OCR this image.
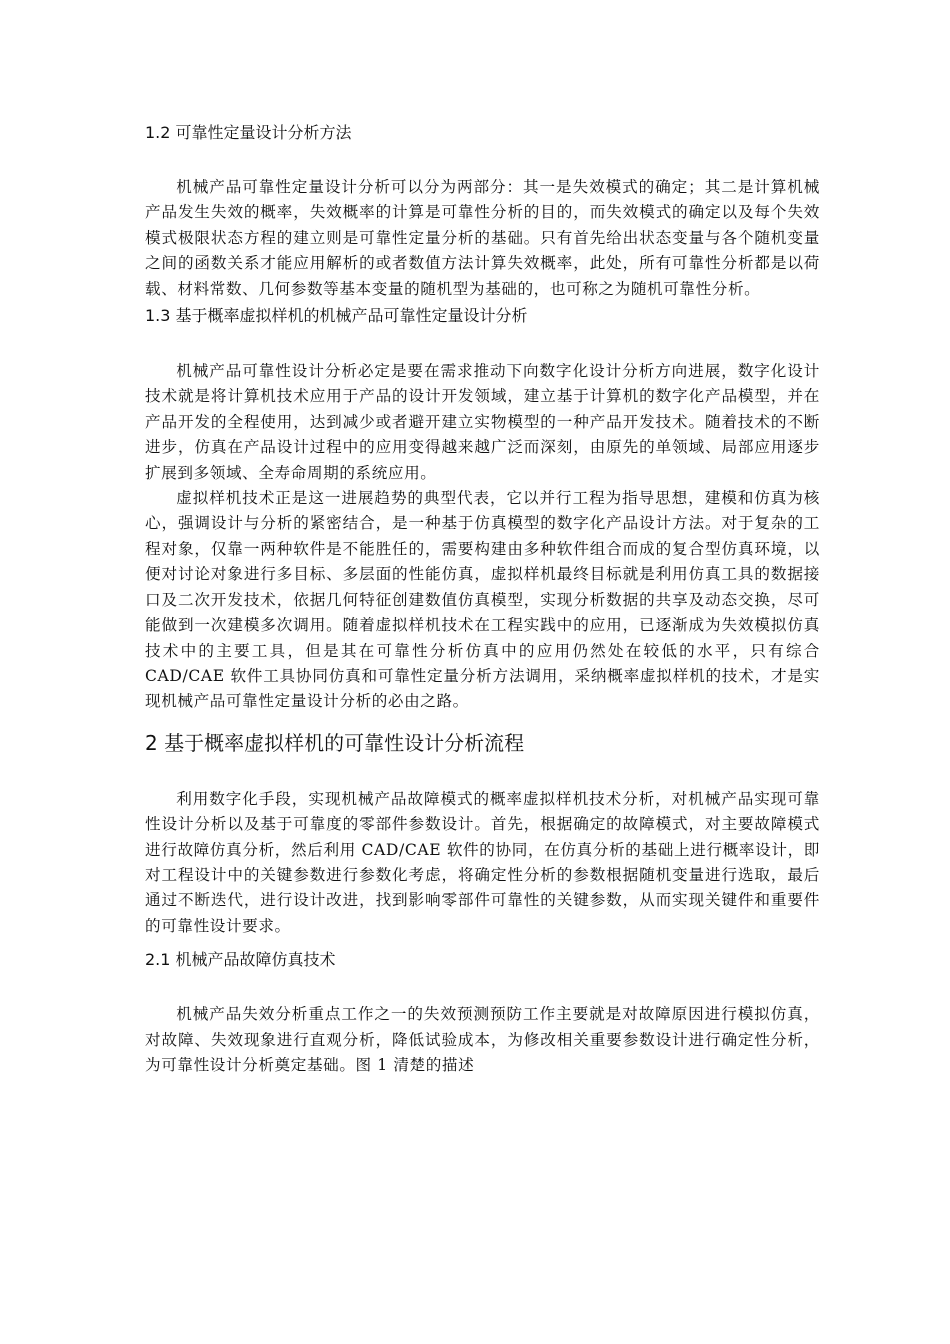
1.2 可靠性定量设计分析方法

机械产品可靠性定量设计分析可以分为两部分：其一是失效模式的确定；其二是计算机械产品发生失效的概率，失效概率的计算是可靠性分析的目的，而失效模式的确定以及每个失效模式极限状态方程的建立则是可靠性定量分析的基础。只有首先给出状态变量与各个随机变量之间的函数关系才能应用解析的或者数值方法计算失效概率，此处，所有可靠性分析都是以荷载、材料常数、几何参数等基本变量的随机型为基础的，也可称之为随机可靠性分析。

1.3 基于概率虚拟样机的机械产品可靠性定量设计分析

机械产品可靠性设计分析必定是要在需求推动下向数字化设计分析方向进展，数字化设计技术就是将计算机技术应用于产品的设计开发领域，建立基于计算机的数字化产品模型，并在产品开发的全程使用，达到减少或者避开建立实物模型的一种产品开发技术。随着技术的不断进步，仿真在产品设计过程中的应用变得越来越广泛而深刻，由原先的单领域、局部应用逐步扩展到多领域、全寿命周期的系统应用。

虚拟样机技术正是这一进展趋势的典型代表，它以并行工程为指导思想，建模和仿真为核心，强调设计与分析的紧密结合，是一种基于仿真模型的数字化产品设计方法。对于复杂的工程对象，仅靠一两种软件是不能胜任的，需要构建由多种软件组合而成的复合型仿真环境，以便对讨论对象进行多目标、多层面的性能仿真，虚拟样机最终目标就是利用仿真工具的数据接口及二次开发技术，依据几何特征创建数值仿真模型，实现分析数据的共享及动态交换，尽可能做到一次建模多次调用。随着虚拟样机技术在工程实践中的应用，已逐渐成为失效模拟仿真技术中的主要工具，但是其在可靠性分析仿真中的应用仍然处在较低的水平，只有综合 CAD/CAE 软件工具协同仿真和可靠性定量分析方法调用，采纳概率虚拟样机的技术，才是实现机械产品可靠性定量设计分析的必由之路。

2 基于概率虚拟样机的可靠性设计分析流程

利用数字化手段，实现机械产品故障模式的概率虚拟样机技术分析，对机械产品实现可靠性设计分析以及基于可靠度的零部件参数设计。首先，根据确定的故障模式，对主要故障模式进行故障仿真分析，然后利用 CAD/CAE 软件的协同，在仿真分析的基础上进行概率设计，即对工程设计中的关键参数进行参数化考虑，将确定性分析的参数根据随机变量进行选取，最后通过不断迭代，进行设计改进，找到影响零部件可靠性的关键参数，从而实现关键件和重要件的可靠性设计要求。

2.1 机械产品故障仿真技术

机械产品失效分析重点工作之一的失效预测预防工作主要就是对故障原因进行模拟仿真，对故障、失效现象进行直观分析，降低试验成本，为修改相关重要参数设计进行确定性分析，为可靠性设计分析奠定基础。图 1 清楚的描述
